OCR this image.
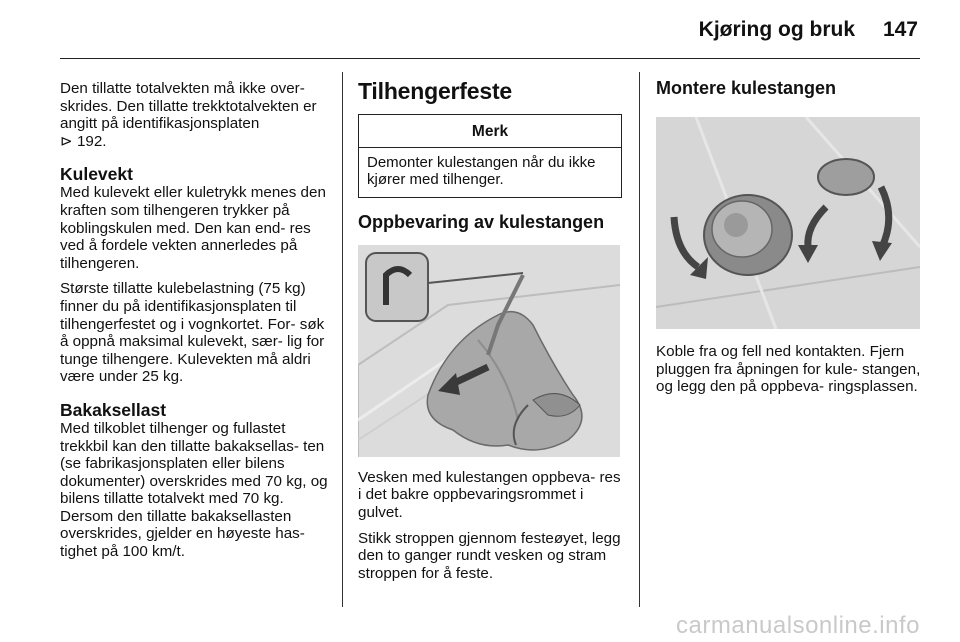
Kjøring og bruk 147

Den tillatte totalvekten må ikke over‑ skrides. Den tillatte trekktotalvekten er angitt på identifikasjonsplaten
⊳ 192.

Kulevekt

Med kulevekt eller kuletrykk menes den kraften som tilhengeren trykker på koblingskulen med. Den kan end‑ res ved å fordele vekten annerledes på tilhengeren.

Største tillatte kulebelastning (75 kg) finner du på identifikasjonsplaten til tilhengerfestet og i vognkortet. For‑ søk å oppnå maksimal kulevekt, sær‑ lig for tunge tilhengere. Kulevekten må aldri være under 25 kg.

Bakaksellast

Med tilkoblet tilhenger og fullastet trekkbil kan den tillatte bakaksellas‑ ten (se fabrikasjonsplaten eller bilens dokumenter) overskrides med 70 kg, og bilens tillatte totalvekt med 70 kg. Dersom den tillatte bakaksellasten overskrides, gjelder en høyeste has‑ tighet på 100 km/t.

Tilhengerfeste
Merk
Demonter kulestangen når du ikke kjører med tilhenger.
Oppbevaring av kulestangen

Vesken med kulestangen oppbeva‑ res i det bakre oppbevaringsrommet i gulvet.

Stikk stroppen gjennom festeøyet, legg den to ganger rundt vesken og stram stroppen for å feste.

Montere kulestangen

Koble fra og fell ned kontakten. Fjern pluggen fra åpningen for kule‑ stangen, og legg den på oppbeva‑ ringsplassen.

carmanualsonline.info
